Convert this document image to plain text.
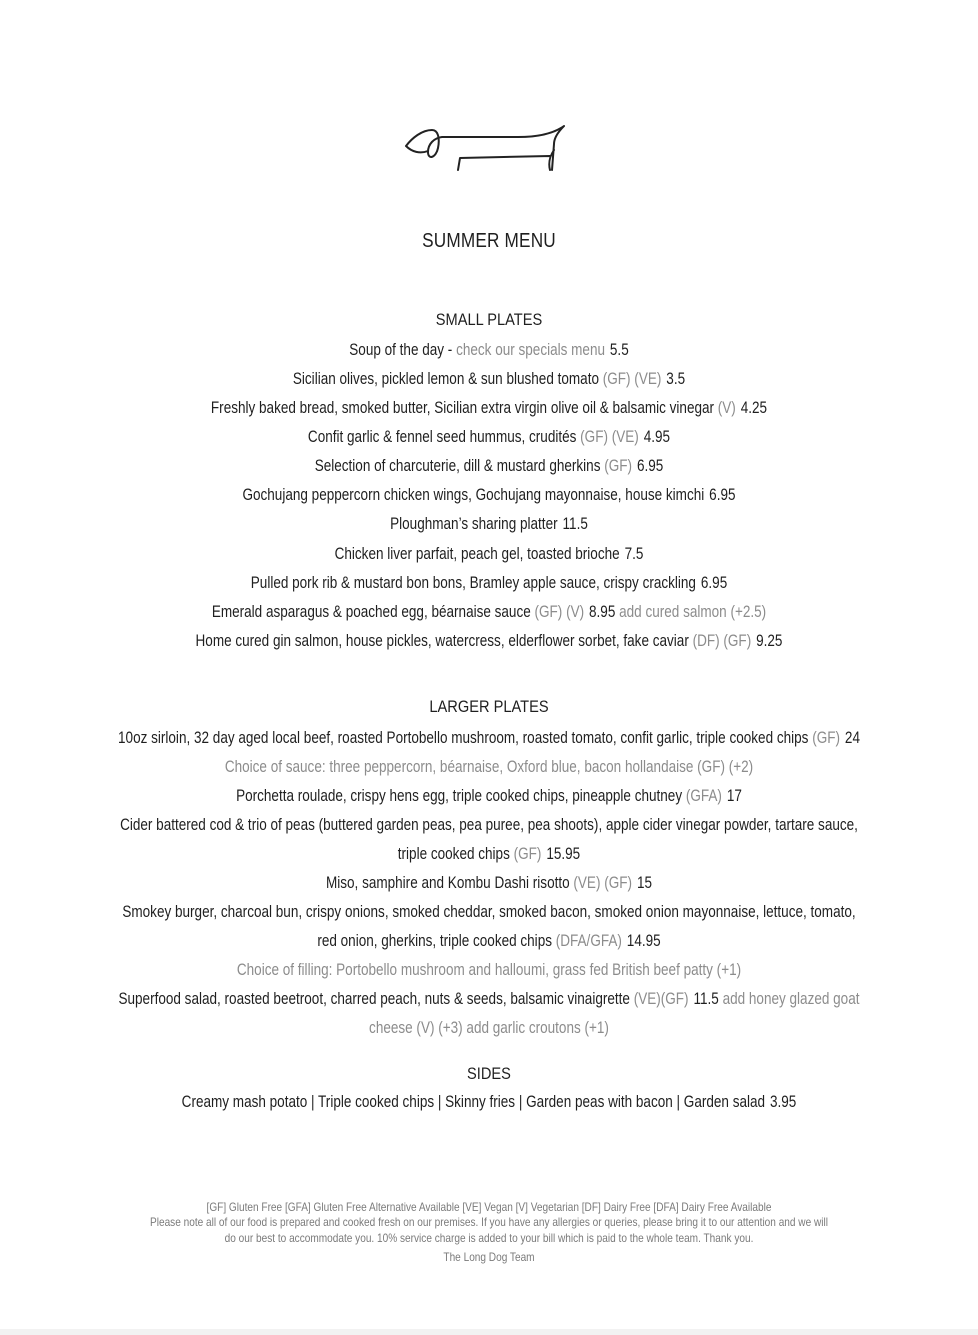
SUMMER MENU
SMALL PLATES
Soup of the day - check our specials menu 5.5
Sicilian olives, pickled lemon & sun blushed tomato (GF) (VE) 3.5
Freshly baked bread, smoked butter, Sicilian extra virgin olive oil & balsamic vinegar (V) 4.25
Confit garlic & fennel seed hummus, crudités (GF) (VE) 4.95
Selection of charcuterie, dill & mustard gherkins (GF) 6.95
Gochujang peppercorn chicken wings, Gochujang mayonnaise, house kimchi 6.95
Ploughman’s sharing platter 11.5
Chicken liver parfait, peach gel, toasted brioche 7.5
Pulled pork rib & mustard bon bons, Bramley apple sauce, crispy crackling 6.95
Emerald asparagus & poached egg, béarnaise sauce (GF) (V) 8.95 add cured salmon (+2.5)
Home cured gin salmon, house pickles, watercress, elderflower sorbet, fake caviar (DF) (GF) 9.25
LARGER PLATES
10oz sirloin, 32 day aged local beef, roasted Portobello mushroom, roasted tomato, confit garlic, triple cooked chips (GF) 24
Choice of sauce: three peppercorn, béarnaise, Oxford blue, bacon hollandaise (GF) (+2)
Porchetta roulade, crispy hens egg, triple cooked chips, pineapple chutney (GFA) 17
Cider battered cod & trio of peas (buttered garden peas, pea puree, pea shoots), apple cider vinegar powder, tartare sauce,
triple cooked chips (GF) 15.95
Miso, samphire and Kombu Dashi risotto (VE) (GF) 15
Smokey burger, charcoal bun, crispy onions, smoked cheddar, smoked bacon, smoked onion mayonnaise, lettuce, tomato,
red onion, gherkins, triple cooked chips (DFA/GFA) 14.95
Choice of filling: Portobello mushroom and halloumi, grass fed British beef patty (+1)
Superfood salad, roasted beetroot, charred peach, nuts & seeds, balsamic vinaigrette (VE)(GF) 11.5 add honey glazed goat
cheese (V) (+3) add garlic croutons (+1)
SIDES
Creamy mash potato | Triple cooked chips | Skinny fries | Garden peas with bacon | Garden salad 3.95
[GF] Gluten Free [GFA] Gluten Free Alternative Available [VE] Vegan [V] Vegetarian [DF] Dairy Free [DFA] Dairy Free Available
Please note all of our food is prepared and cooked fresh on our premises. If you have any allergies or queries, please bring it to our attention and we will
do our best to accommodate you. 10% service charge is added to your bill which is paid to the whole team. Thank you.
The Long Dog Team
